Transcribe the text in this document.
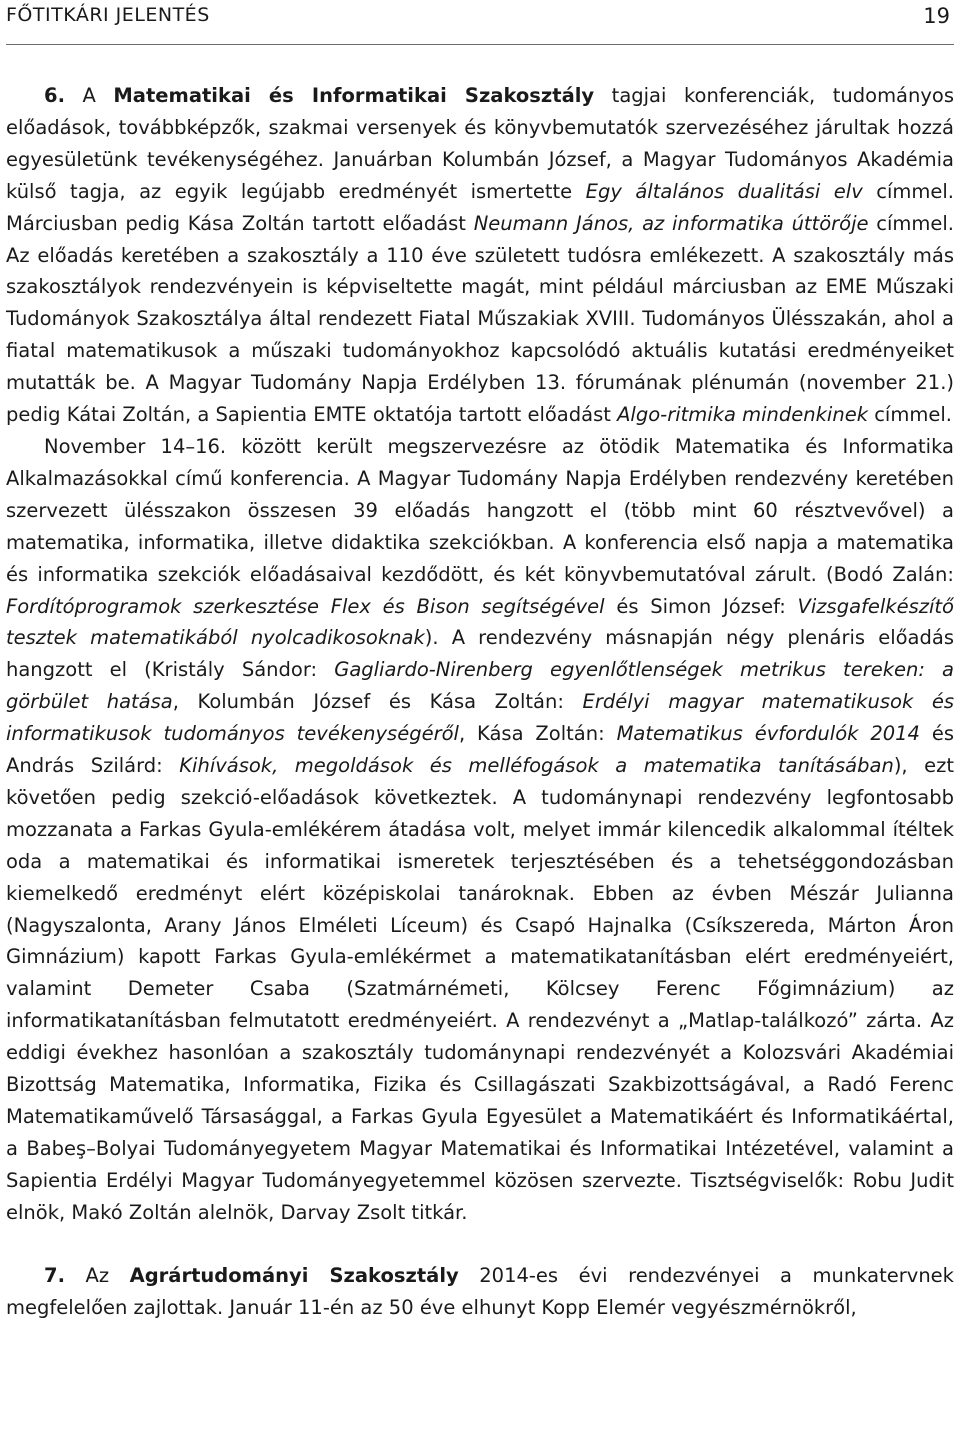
FŐTITKÁRI JELENTÉS	19

6. A Matematikai és Informatikai Szakosztály tagjai konferenciák, tudományos előadások, továbbképzők, szakmai versenyek és könyvbemutatók szervezéséhez járultak hozzá egyesületünk tevékenységéhez. Januárban Kolumbán József, a Magyar Tudományos Akadémia külső tagja, az egyik legújabb eredményét ismertette Egy általános dualitási elv címmel. Márciusban pedig Kása Zoltán tartott előadást Neumann János, az informatika úttörője címmel. Az előadás keretében a szakosztály a 110 éve született tudósra emlékezett. A szakosztály más szakosztályok rendezvényein is képviseltette magát, mint például márciusban az EME Műszaki Tudományok Szakosztálya által rendezett Fiatal Műszakiak XVIII. Tudományos Ülésszakán, ahol a fiatal matematikusok a műszaki tudományokhoz kapcsolódó aktuális kutatási eredményeiket mutatták be. A Magyar Tudomány Napja Erdélyben 13. fórumának plénumán (november 21.) pedig Kátai Zoltán, a Sapientia EMTE oktatója tartott előadást Algo-ritmika mindenkinek címmel.

November 14–16. között került megszervezésre az ötödik Matematika és Informatika Alkalmazásokkal című konferencia. A Magyar Tudomány Napja Erdélyben rendezvény keretében szervezett ülésszakon összesen 39 előadás hangzott el (több mint 60 résztvevővel) a matematika, informatika, illetve didaktika szekciókban. A konferencia első napja a matematika és informatika szekciók előadásaival kezdődött, és két könyvbemutatóval zárult. (Bodó Zalán: Fordítóprogramok szerkesztése Flex és Bison segítségével és Simon József: Vizsgafelkészítő tesztek matematikából nyolcadikosoknak). A rendezvény másnapján négy plenáris előadás hangzott el (Kristály Sándor: Gagliardo-Nirenberg egyenlőtlenségek metrikus tereken: a görbület hatása, Kolumbán József és Kása Zoltán: Erdélyi magyar matematikusok és informatikusok tudományos tevékenységéről, Kása Zoltán: Matematikus évfordulók 2014 és András Szilárd: Kihívások, megoldások és melléfogások a matematika tanításában), ezt követően pedig szekció-előadások következtek. A tudománynapi rendezvény legfontosabb mozzanata a Farkas Gyula-emlékérem átadása volt, melyet immár kilencedik alkalommal ítéltek oda a matematikai és informatikai ismeretek terjesztésében és a tehetséggondozásban kiemelkedő eredményt elért középiskolai tanároknak. Ebben az évben Mészár Julianna (Nagyszalonta, Arany János Elméleti Líceum) és Csapó Hajnalka (Csíkszereda, Márton Áron Gimnázium) kapott Farkas Gyula-emlékérmet a matematikatanításban elért eredményeiért, valamint Demeter Csaba (Szatmárnémeti, Kölcsey Ferenc Főgimnázium) az informatikatanításban felmutatott eredményeiért. A rendezvényt a „Matlap-találkozó” zárta. Az eddigi évekhez hasonlóan a szakosztály tudománynapi rendezvényét a Kolozsvári Akadémiai Bizottság Matematika, Informatika, Fizika és Csillagászati Szakbizottságával, a Radó Ferenc Matematikaművelő Társasággal, a Farkas Gyula Egyesület a Matematikáért és Informatikáértal, a Babeş–Bolyai Tudományegyetem Magyar Matematikai és Informatikai Intézetével, valamint a Sapientia Erdélyi Magyar Tudományegyetemmel közösen szervezte. Tisztségviselők: Robu Judit elnök, Makó Zoltán alelnök, Darvay Zsolt titkár.

7. Az Agrártudományi Szakosztály 2014-es évi rendezvényei a munkatervnek megfelelően zajlottak. Január 11-én az 50 éve elhunyt Kopp Elemér vegyészmérnökről,
